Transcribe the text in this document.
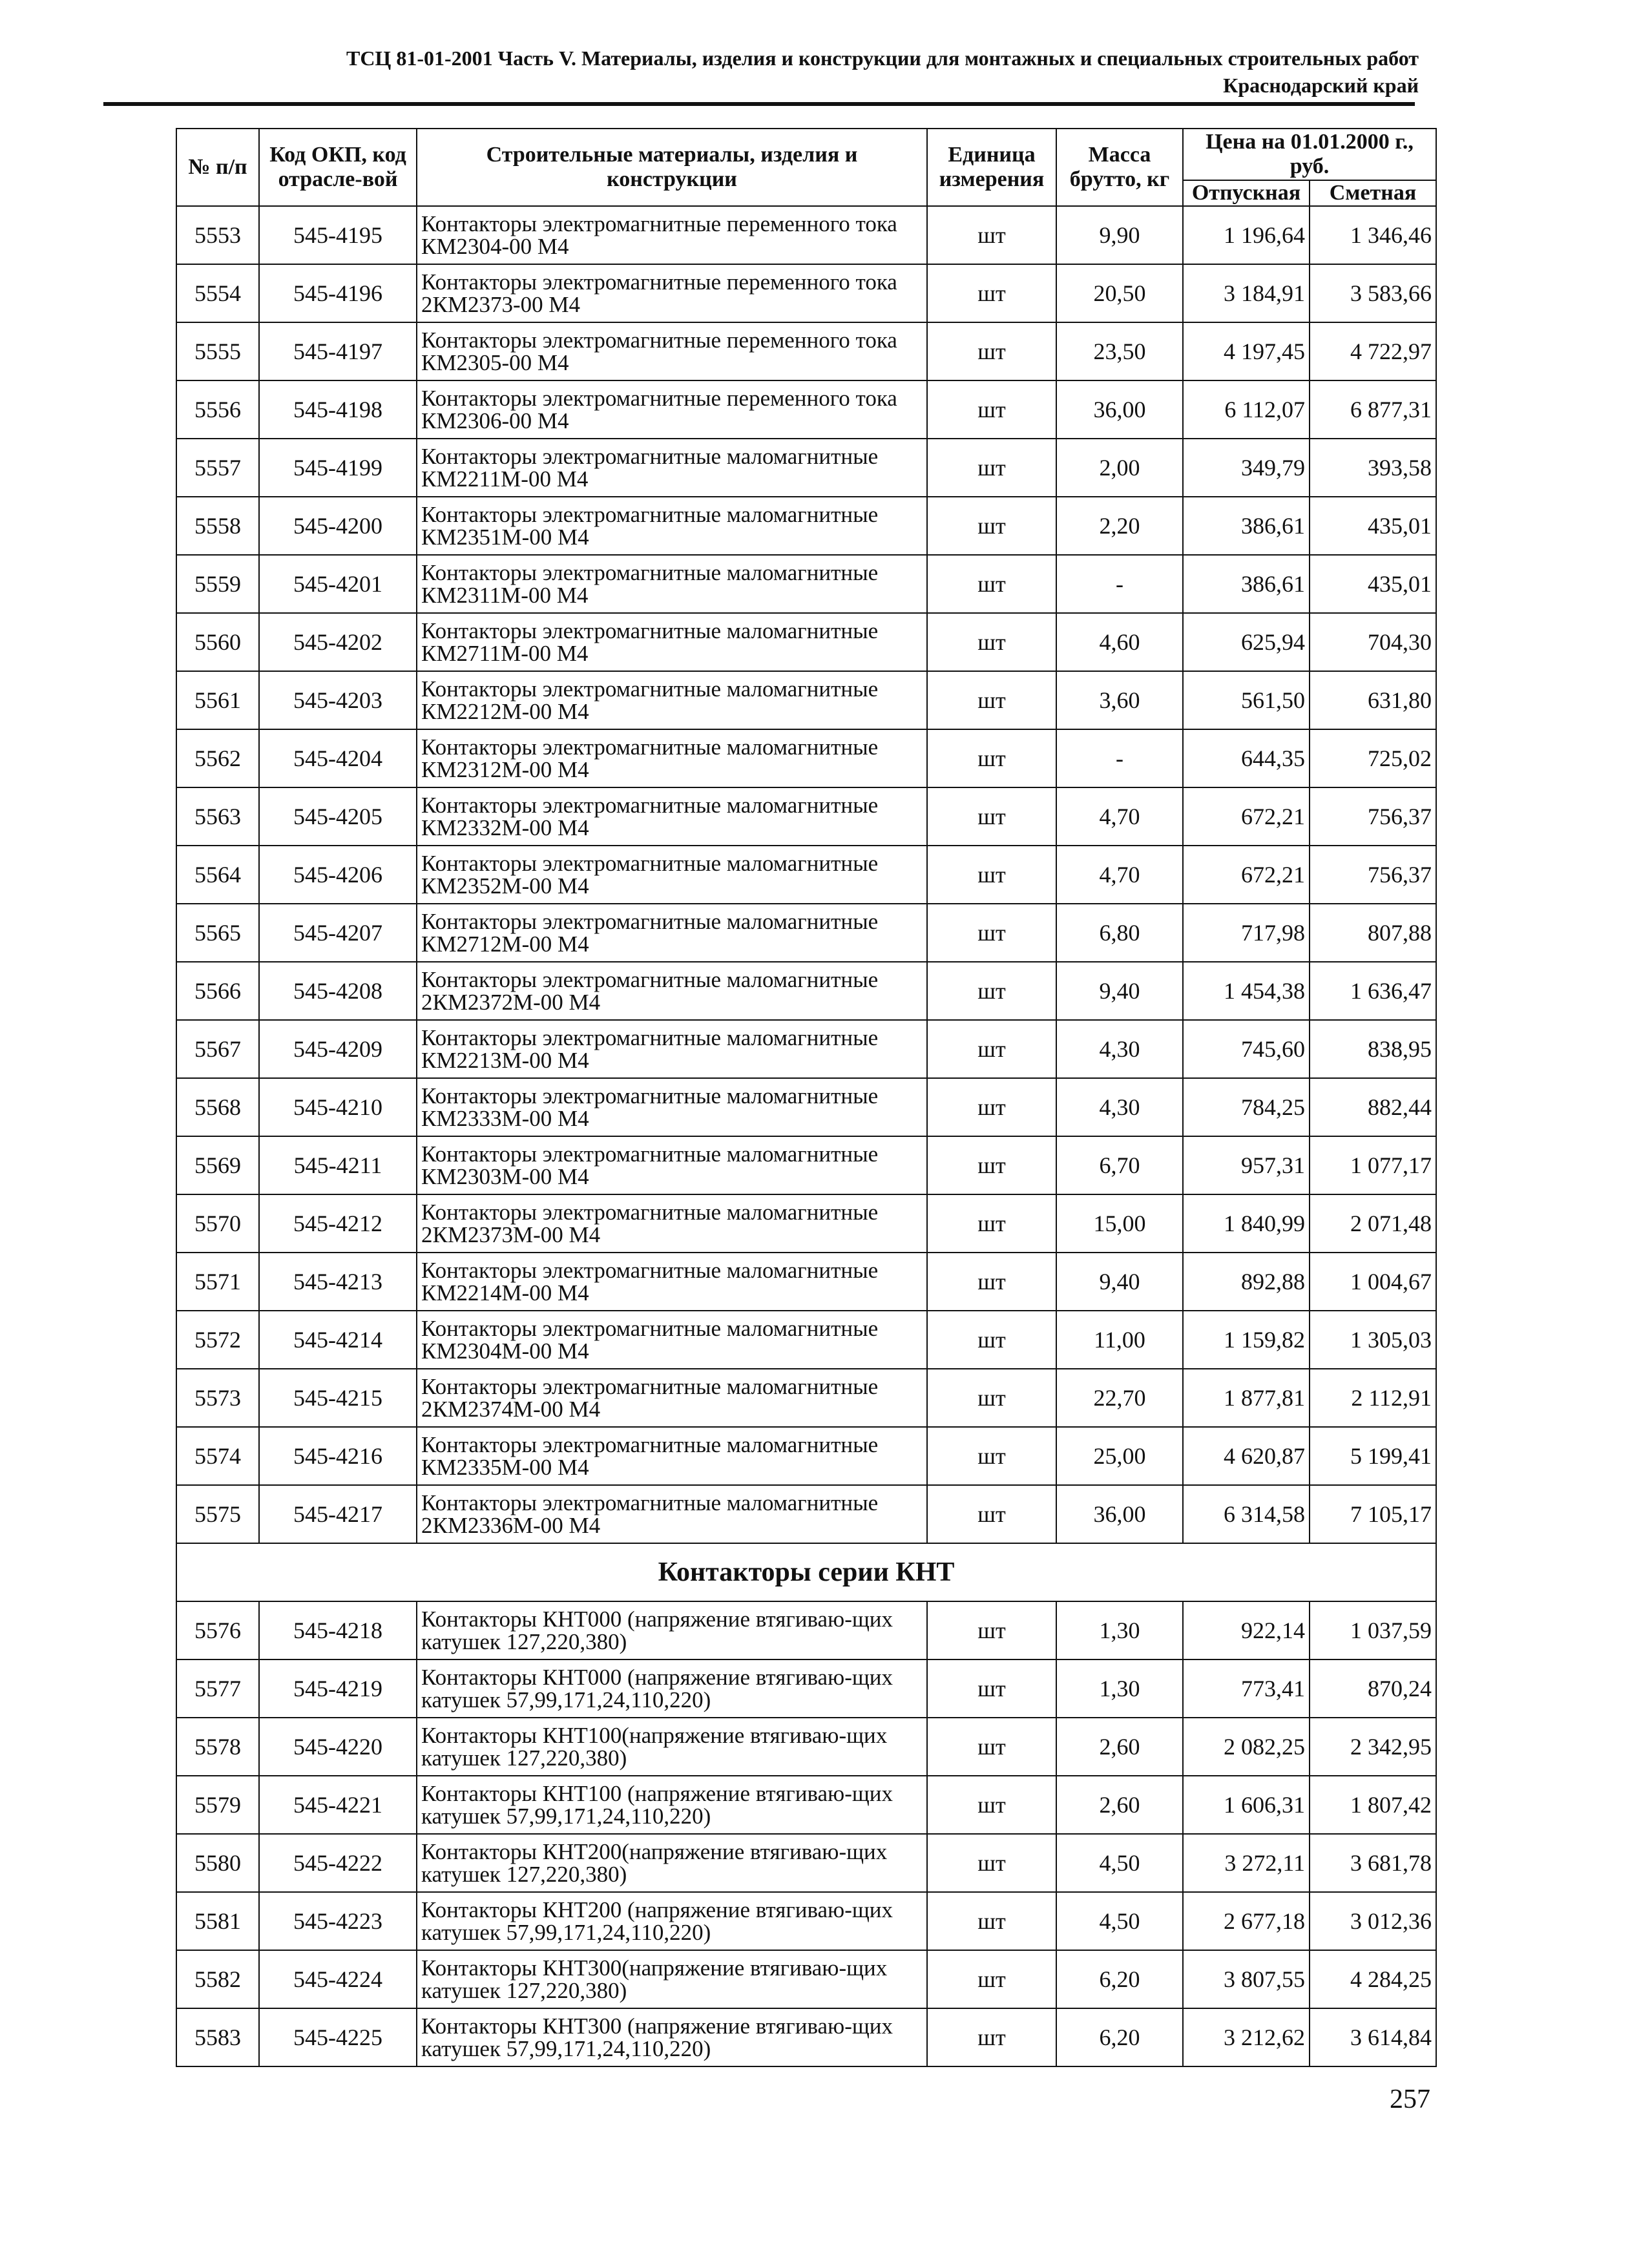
ТСЦ 81-01-2001 Часть V. Материалы, изделия и конструкции для монтажных и специальных строительных работ
Краснодарский край
№ п/п	Код ОКП, код отрасле-вой	Строительные материалы, изделия и конструкции	Единица измерения	Масса брутто, кг	Цена на 01.01.2000 г., руб.	
					Отпускная	Сметная
5553	545-4195	Контакторы электромагнитные переменного тока КМ2304-00 М4	шт	9,90	1 196,64	1 346,46
5554	545-4196	Контакторы электромагнитные переменного тока 2КМ2373-00 М4	шт	20,50	3 184,91	3 583,66
5555	545-4197	Контакторы электромагнитные переменного тока КМ2305-00 М4	шт	23,50	4 197,45	4 722,97
5556	545-4198	Контакторы электромагнитные переменного тока КМ2306-00 М4	шт	36,00	6 112,07	6 877,31
5557	545-4199	Контакторы электромагнитные маломагнитные КМ2211М-00 М4	шт	2,00	349,79	393,58
5558	545-4200	Контакторы электромагнитные маломагнитные КМ2351М-00 М4	шт	2,20	386,61	435,01
5559	545-4201	Контакторы электромагнитные маломагнитные КМ2311М-00 М4	шт	-	386,61	435,01
5560	545-4202	Контакторы электромагнитные маломагнитные КМ2711М-00 М4	шт	4,60	625,94	704,30
5561	545-4203	Контакторы электромагнитные маломагнитные КМ2212М-00 М4	шт	3,60	561,50	631,80
5562	545-4204	Контакторы электромагнитные маломагнитные КМ2312М-00 М4	шт	-	644,35	725,02
5563	545-4205	Контакторы электромагнитные маломагнитные КМ2332М-00 М4	шт	4,70	672,21	756,37
5564	545-4206	Контакторы электромагнитные маломагнитные КМ2352М-00 М4	шт	4,70	672,21	756,37
5565	545-4207	Контакторы электромагнитные маломагнитные КМ2712М-00 М4	шт	6,80	717,98	807,88
5566	545-4208	Контакторы электромагнитные маломагнитные 2КМ2372М-00 М4	шт	9,40	1 454,38	1 636,47
5567	545-4209	Контакторы электромагнитные маломагнитные КМ2213М-00 М4	шт	4,30	745,60	838,95
5568	545-4210	Контакторы электромагнитные маломагнитные КМ2333М-00 М4	шт	4,30	784,25	882,44
5569	545-4211	Контакторы электромагнитные маломагнитные КМ2303М-00 М4	шт	6,70	957,31	1 077,17
5570	545-4212	Контакторы электромагнитные маломагнитные 2КМ2373М-00 М4	шт	15,00	1 840,99	2 071,48
5571	545-4213	Контакторы электромагнитные маломагнитные КМ2214М-00 М4	шт	9,40	892,88	1 004,67
5572	545-4214	Контакторы электромагнитные маломагнитные КМ2304М-00 М4	шт	11,00	1 159,82	1 305,03
5573	545-4215	Контакторы электромагнитные маломагнитные 2КМ2374М-00 М4	шт	22,70	1 877,81	2 112,91
5574	545-4216	Контакторы электромагнитные маломагнитные КМ2335М-00 М4	шт	25,00	4 620,87	5 199,41
5575	545-4217	Контакторы электромагнитные маломагнитные 2КМ2336М-00 М4	шт	36,00	6 314,58	7 105,17
Контакторы серии КНТ						
5576	545-4218	Контакторы КНТ000 (напряжение втягиваю-щих катушек 127,220,380)	шт	1,30	922,14	1 037,59
5577	545-4219	Контакторы КНТ000 (напряжение втягиваю-щих катушек 57,99,171,24,110,220)	шт	1,30	773,41	870,24
5578	545-4220	Контакторы КНТ100(напряжение втягиваю-щих катушек 127,220,380)	шт	2,60	2 082,25	2 342,95
5579	545-4221	Контакторы КНТ100 (напряжение втягиваю-щих катушек 57,99,171,24,110,220)	шт	2,60	1 606,31	1 807,42
5580	545-4222	Контакторы КНТ200(напряжение втягиваю-щих катушек 127,220,380)	шт	4,50	3 272,11	3 681,78
5581	545-4223	Контакторы КНТ200 (напряжение втягиваю-щих катушек 57,99,171,24,110,220)	шт	4,50	2 677,18	3 012,36
5582	545-4224	Контакторы КНТ300(напряжение втягиваю-щих катушек 127,220,380)	шт	6,20	3 807,55	4 284,25
5583	545-4225	Контакторы КНТ300 (напряжение втягиваю-щих катушек 57,99,171,24,110,220)	шт	6,20	3 212,62	3 614,84
257
